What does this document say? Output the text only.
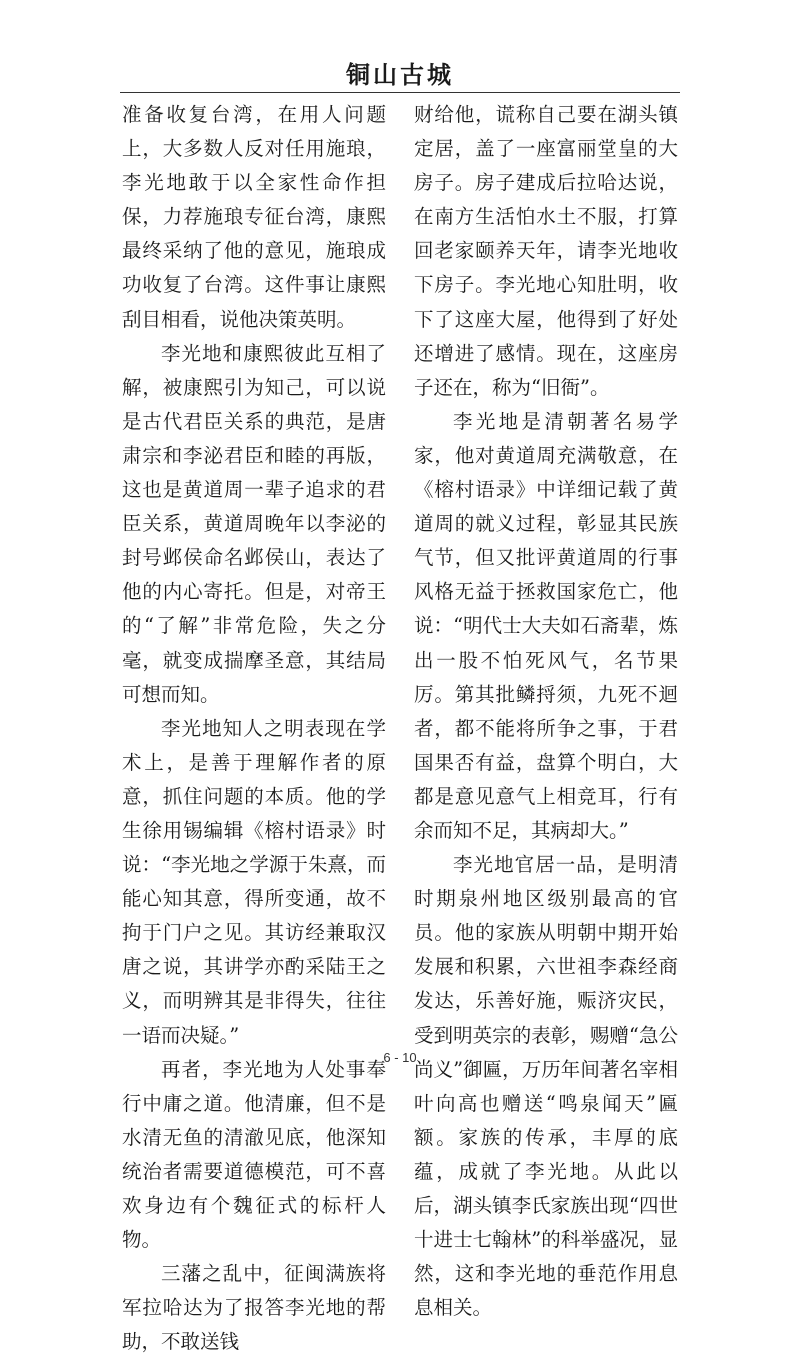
铜山古城

准备收复台湾，在用人问题上，大多数人反对任用施琅，李光地敢于以全家性命作担保，力荐施琅专征台湾，康熙最终采纳了他的意见，施琅成功收复了台湾。这件事让康熙刮目相看，说他决策英明。

李光地和康熙彼此互相了解，被康熙引为知己，可以说是古代君臣关系的典范，是唐肃宗和李泌君臣和睦的再版，这也是黄道周一辈子追求的君臣关系，黄道周晚年以李泌的封号邺侯命名邺侯山，表达了他的内心寄托。但是，对帝王的“了解”非常危险，失之分毫，就变成揣摩圣意，其结局可想而知。

李光地知人之明表现在学术上，是善于理解作者的原意，抓住问题的本质。他的学生徐用锡编辑《榕村语录》时说：“李光地之学源于朱熹，而能心知其意，得所变通，故不拘于门户之见。其访经兼取汉唐之说，其讲学亦酌采陆王之义，而明辨其是非得失，往往一语而决疑。”

再者，李光地为人处事奉行中庸之道。他清廉，但不是水清无鱼的清澈见底，他深知统治者需要道德模范，可不喜欢身边有个魏征式的标杆人物。

三藩之乱中，征闽满族将军拉哈达为了报答李光地的帮助，不敢送钱

财给他，谎称自己要在湖头镇定居，盖了一座富丽堂皇的大房子。房子建成后拉哈达说，在南方生活怕水土不服，打算回老家颐养天年，请李光地收下房子。李光地心知肚明，收下了这座大屋，他得到了好处还增进了感情。现在，这座房子还在，称为“旧衙”。

李光地是清朝著名易学家，他对黄道周充满敬意，在《榕村语录》中详细记载了黄道周的就义过程，彰显其民族气节，但又批评黄道周的行事风格无益于拯救国家危亡，他说：“明代士大夫如石斋辈，炼出一股不怕死风气，名节果厉。第其批鳞捋须，九死不迴者，都不能将所争之事，于君国果否有益，盘算个明白，大都是意见意气上相竞耳，行有余而知不足，其病却大。”

李光地官居一品，是明清时期泉州地区级别最高的官员。他的家族从明朝中期开始发展和积累，六世祖李森经商发达，乐善好施，赈济灾民，受到明英宗的表彰，赐赠“急公尚义”御匾，万历年间著名宰相叶向高也赠送“鸣泉闻天”匾额。家族的传承，丰厚的底蕴，成就了李光地。从此以后，湖头镇李氏家族出现“四世十进士七翰林”的科举盛况，显然，这和李光地的垂范作用息息相关。

6 - 10
